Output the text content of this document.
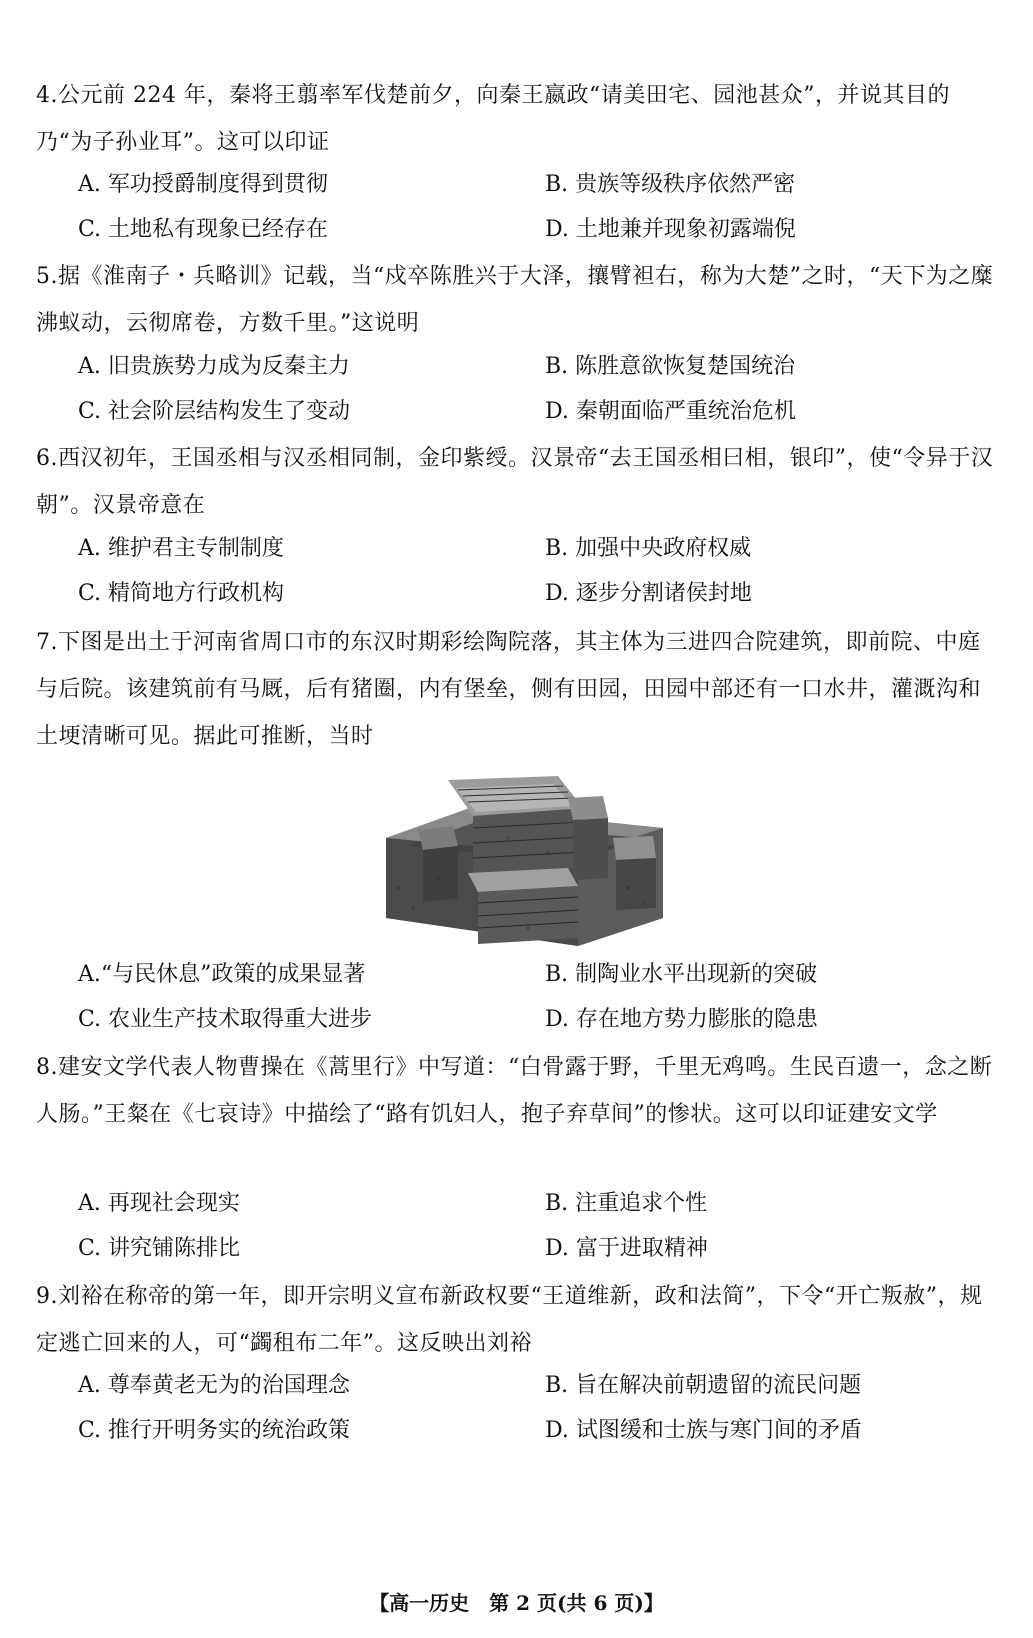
4.公元前 224 年，秦将王翦率军伐楚前夕，向秦王嬴政“请美田宅、园池甚众”，并说其目的乃“为子孙业耳”。这可以印证
A. 军功授爵制度得到贯彻	B. 贵族等级秩序依然严密
C. 土地私有现象已经存在	D. 土地兼并现象初露端倪
5.据《淮南子・兵略训》记载，当“戍卒陈胜兴于大泽，攘臂袒右，称为大楚”之时，“天下为之糜沸蚁动，云彻席卷，方数千里。”这说明
A. 旧贵族势力成为反秦主力	B. 陈胜意欲恢复楚国统治
C. 社会阶层结构发生了变动	D. 秦朝面临严重统治危机
6.西汉初年，王国丞相与汉丞相同制，金印紫绶。汉景帝“去王国丞相曰相，银印”，使“令异于汉朝”。汉景帝意在
A. 维护君主专制制度	B. 加强中央政府权威
C. 精简地方行政机构	D. 逐步分割诸侯封地
7.下图是出土于河南省周口市的东汉时期彩绘陶院落，其主体为三进四合院建筑，即前院、中庭与后院。该建筑前有马厩，后有猪圈，内有堡垒，侧有田园，田园中部还有一口水井，灌溉沟和土埂清晰可见。据此可推断，当时
A.“与民休息”政策的成果显著	B. 制陶业水平出现新的突破
C. 农业生产技术取得重大进步	D. 存在地方势力膨胀的隐患
8.建安文学代表人物曹操在《蒿里行》中写道：“白骨露于野，千里无鸡鸣。生民百遗一，念之断人肠。”王粲在《七哀诗》中描绘了“路有饥妇人，抱子弃草间”的惨状。这可以印证建安文学
A. 再现社会现实	B. 注重追求个性
C. 讲究铺陈排比	D. 富于进取精神
9.刘裕在称帝的第一年，即开宗明义宣布新政权要“王道维新，政和法简”，下令“开亡叛赦”，规定逃亡回来的人，可“蠲租布二年”。这反映出刘裕
A. 尊奉黄老无为的治国理念	B. 旨在解决前朝遗留的流民问题
C. 推行开明务实的统治政策	D. 试图缓和士族与寒门间的矛盾
【高一历史　第 2 页(共 6 页)】
